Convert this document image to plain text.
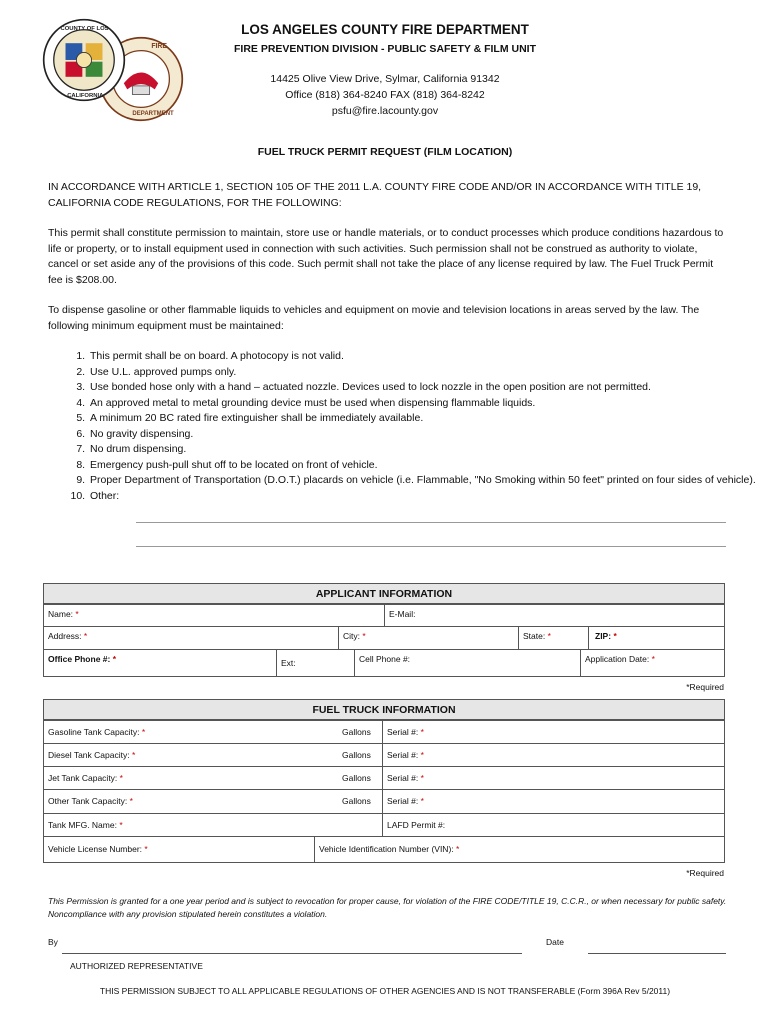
FIRE
DEPARTMENT
COUNTY OF LOS
CALIFORNIA
LOS ANGELES COUNTY FIRE DEPARTMENT
FIRE PREVENTION DIVISION - PUBLIC SAFETY & FILM UNIT
14425 Olive View Drive, Sylmar, California 91342
Office (818) 364-8240 FAX (818) 364-8242
psfu@fire.lacounty.gov
FUEL TRUCK PERMIT REQUEST (FILM LOCATION)
IN ACCORDANCE WITH ARTICLE 1, SECTION 105 OF THE 2011 L.A. COUNTY FIRE CODE AND/OR IN ACCORDANCE WITH TITLE 19, CALIFORNIA CODE REGULATIONS, FOR THE FOLLOWING:
This permit shall constitute permission to maintain, store use or handle materials, or to conduct processes which produce conditions hazardous to life or property, or to install equipment used in connection with such activities. Such permission shall not be construed as authority to violate, cancel or set aside any of the provisions of this code. Such permit shall not take the place of any license required by law. The Fuel Truck Permit fee is $208.00.
To dispense gasoline or other flammable liquids to vehicles and equipment on movie and television locations in areas served by the law. The following minimum equipment must be maintained:
1. This permit shall be on board. A photocopy is not valid.
2. Use U.L. approved pumps only.
3. Use bonded hose only with a hand – actuated nozzle. Devices used to lock nozzle in the open position are not permitted.
4. An approved metal to metal grounding device must be used when dispensing flammable liquids.
5. A minimum 20 BC rated fire extinguisher shall be immediately available.
6. No gravity dispensing.
7. No drum dispensing.
8. Emergency push-pull shut off to be located on front of vehicle.
9. Proper Department of Transportation (D.O.T.) placards on vehicle (i.e. Flammable, "No Smoking within 50 feet" printed on four sides of vehicle).
10. Other:
APPLICANT INFORMATION
Name: *	E-Mail:
Address: *	City: *	State: *	ZIP: *
Office Phone #: *	Ext:	Cell Phone #:	Application Date: *
*Required
FUEL TRUCK INFORMATION
Gasoline Tank Capacity: *	Gallons	Serial #: *
Diesel Tank Capacity: *	Gallons	Serial #: *
Jet Tank Capacity: *	Gallons	Serial #: *
Other Tank Capacity: *	Gallons	Serial #: *
Tank MFG. Name: *	LAFD Permit #:
Vehicle License Number: *	Vehicle Identification Number (VIN): *
*Required
This Permission is granted for a one year period and is subject to revocation for proper cause, for violation of the FIRE CODE/TITLE 19, C.C.R., or when necessary for public safety. Noncompliance with any provision stipulated herein constitutes a violation.
By	Date
AUTHORIZED REPRESENTATIVE
THIS PERMISSION SUBJECT TO ALL APPLICABLE REGULATIONS OF OTHER AGENCIES AND IS NOT TRANSFERABLE (Form 396A Rev 5/2011)
